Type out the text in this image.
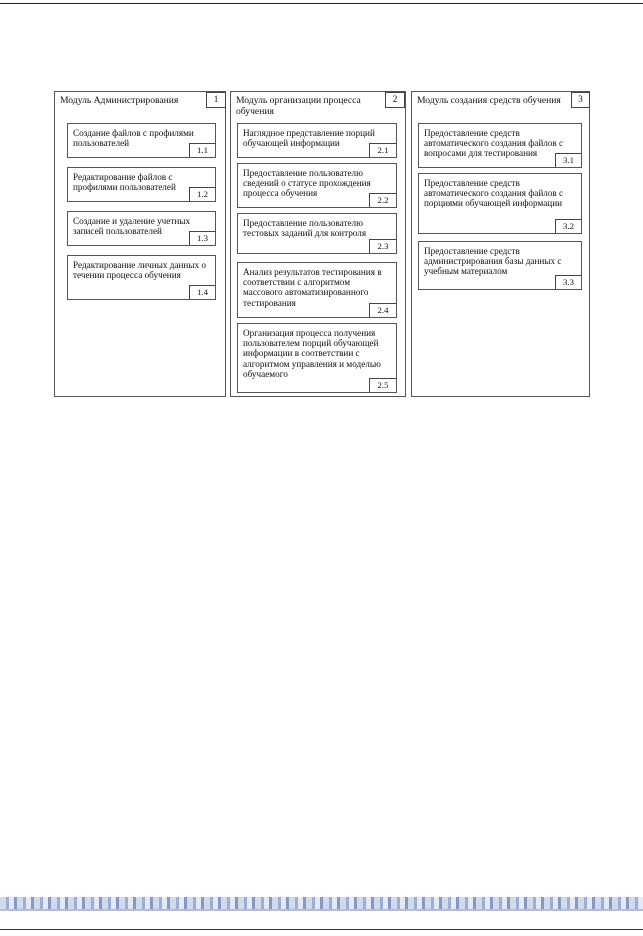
Модуль Администрирования	1
Создание файлов с профилями пользователей
1.1
Редактирование файлов с профилями пользователей
1.2
Создание и удаление учетных записей пользователей
1.3
Редактирование личных данных о течении процесса обучения
1.4
Модуль организации процесса обучения
2
Наглядное представление порций обучающей информации
2.1
Предоставление пользователю сведений о статусе прохождения процесса обучения
2.2
Предоставление пользователю тестовых заданий для контроля
2.3
Анализ результатов тестирования в соответствии с алгоритмом массового автоматизированного тестирования
2.4
Организация процесса получения пользователем порций обучающей информации в соответствии с алгоритмом управления и моделью обучаемого
2.5
Модуль создания средств обучения	3
Предоставление средств автоматического создания файлов с вопросами для тестирования
3.1
Предоставление средств автоматического создания файлов с порциями обучающей информации
3.2
Предоставление средств администрирования базы данных с учебным материалом
3.3
